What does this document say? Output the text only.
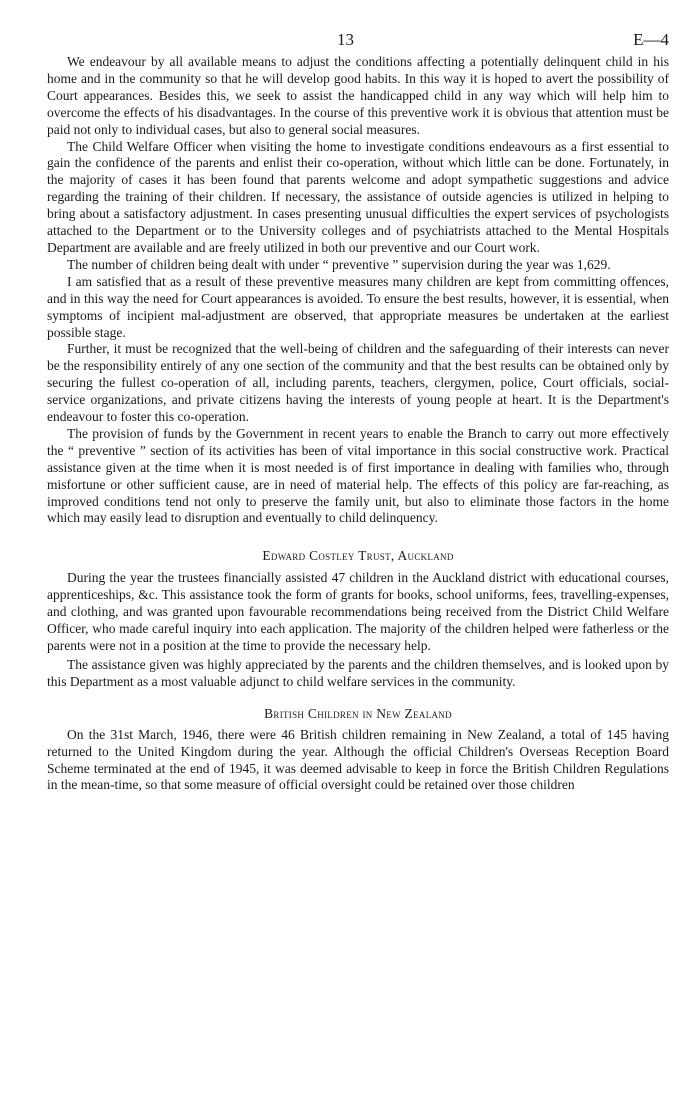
13	E—4

We endeavour by all available means to adjust the conditions affecting a potentially delinquent child in his home and in the community so that he will develop good habits. In this way it is hoped to avert the possibility of Court appearances. Besides this, we seek to assist the handicapped child in any way which will help him to overcome the effects of his disadvantages. In the course of this preventive work it is obvious that attention must be paid not only to individual cases, but also to general social measures.

The Child Welfare Officer when visiting the home to investigate conditions endeavours as a first essential to gain the confidence of the parents and enlist their co-operation, without which little can be done. Fortunately, in the majority of cases it has been found that parents welcome and adopt sympathetic suggestions and advice regarding the training of their children. If necessary, the assistance of outside agencies is utilized in helping to bring about a satisfactory adjustment. In cases presenting unusual difficulties the expert services of psychologists attached to the Department or to the University colleges and of psychiatrists attached to the Mental Hospitals Department are available and are freely utilized in both our preventive and our Court work.

The number of children being dealt with under “ preventive ” supervision during the year was 1,629.

I am satisfied that as a result of these preventive measures many children are kept from committing offences, and in this way the need for Court appearances is avoided. To ensure the best results, however, it is essential, when symptoms of incipient mal-adjustment are observed, that appropriate measures be undertaken at the earliest possible stage.

Further, it must be recognized that the well-being of children and the safeguarding of their interests can never be the responsibility entirely of any one section of the community and that the best results can be obtained only by securing the fullest co-operation of all, including parents, teachers, clergymen, police, Court officials, social-service organizations, and private citizens having the interests of young people at heart. It is the Department's endeavour to foster this co-operation.

The provision of funds by the Government in recent years to enable the Branch to carry out more effectively the “ preventive ” section of its activities has been of vital importance in this social constructive work. Practical assistance given at the time when it is most needed is of first importance in dealing with families who, through misfortune or other sufficient cause, are in need of material help. The effects of this policy are far-reaching, as improved conditions tend not only to preserve the family unit, but also to eliminate those factors in the home which may easily lead to disruption and eventually to child delinquency.

Edward Costley Trust, Auckland

During the year the trustees financially assisted 47 children in the Auckland district with educational courses, apprenticeships, &c. This assistance took the form of grants for books, school uniforms, fees, travelling-expenses, and clothing, and was granted upon favourable recommendations being received from the District Child Welfare Officer, who made careful inquiry into each application. The majority of the children helped were fatherless or the parents were not in a position at the time to provide the necessary help.

The assistance given was highly appreciated by the parents and the children themselves, and is looked upon by this Department as a most valuable adjunct to child welfare services in the community.

British Children in New Zealand

On the 31st March, 1946, there were 46 British children remaining in New Zealand, a total of 145 having returned to the United Kingdom during the year. Although the official Children's Overseas Reception Board Scheme terminated at the end of 1945, it was deemed advisable to keep in force the British Children Regulations in the mean-time, so that some measure of official oversight could be retained over those children
